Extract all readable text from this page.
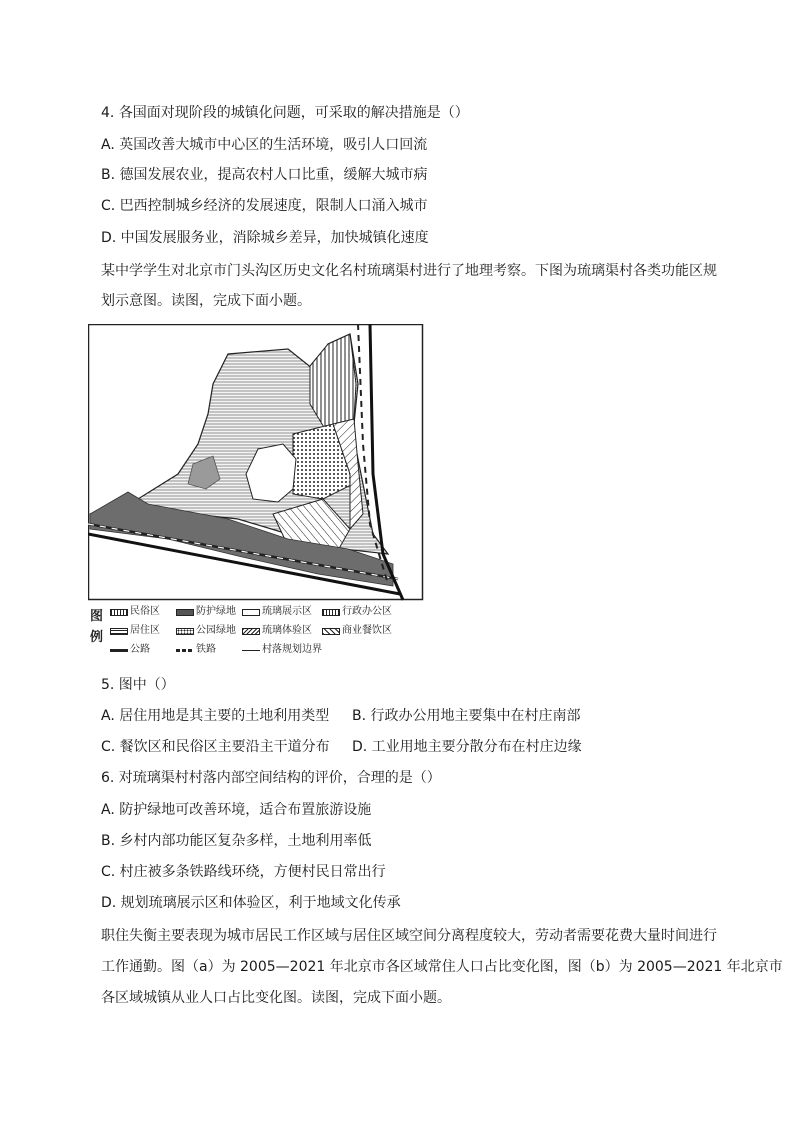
4. 各国面对现阶段的城镇化问题，可采取的解决措施是（）
A. 英国改善大城市中心区的生活环境，吸引人口回流
B. 德国发展农业，提高农村人口比重，缓解大城市病
C. 巴西控制城乡经济的发展速度，限制人口涌入城市
D. 中国发展服务业，消除城乡差异，加快城镇化速度
某中学学生对北京市门头沟区历史文化名村琉璃渠村进行了地理考察。下图为琉璃渠村各类功能区规
划示意图。读图，完成下面小题。
图
例
民俗区	防护绿地	琉璃展示区	行政办公区
居住区	公园绿地	琉璃体验区	商业餐饮区
公路	铁路	村落规划边界
5. 图中（）
A. 居住用地是其主要的土地利用类型 B. 行政办公用地主要集中在村庄南部
C. 餐饮区和民俗区主要沿主干道分布 D. 工业用地主要分散分布在村庄边缘
6. 对琉璃渠村村落内部空间结构的评价，合理的是（）
A. 防护绿地可改善环境，适合布置旅游设施
B. 乡村内部功能区复杂多样，土地利用率低
C. 村庄被多条铁路线环绕，方便村民日常出行
D. 规划琉璃展示区和体验区，利于地域文化传承
职住失衡主要表现为城市居民工作区域与居住区域空间分离程度较大，劳动者需要花费大量时间进行
工作通勤。图（a）为 2005—2021 年北京市各区域常住人口占比变化图，图（b）为 2005—2021 年北京市
各区域城镇从业人口占比变化图。读图，完成下面小题。
